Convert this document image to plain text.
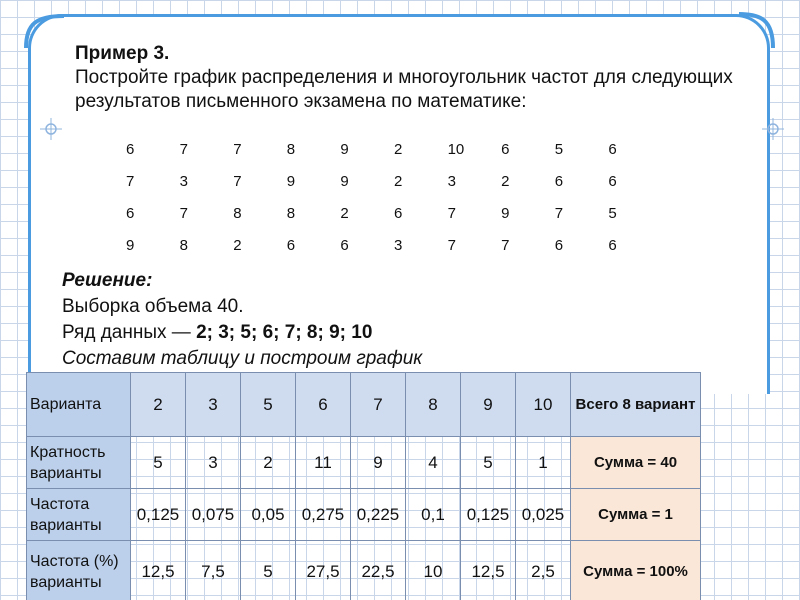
Пример 3.
Постройте график распределения и многоугольник частот для следующих результатов письменного экзамена по математике:
6	7	7	8	9	2	10	6	5	6
7	3	7	9	9	2	3	2	6	6
6	7	8	8	2	6	7	9	7	5
9	8	2	6	6	3	7	7	6	6
Решение:
Выборка объема 40.
Ряд данных — 2; 3; 5; 6; 7; 8; 9; 10
Составим таблицу и построим график
Варианта	2	3	5	6	7	8	9	10	Всего 8 вариант
Кратность варианты	5	3	2	11	9	4	5	1	Сумма = 40
Частота варианты	0,125	0,075	0,05	0,275	0,225	0,1	0,125	0,025	Сумма = 1
Частота (%) варианты	12,5	7,5	5	27,5	22,5	10	12,5	2,5	Сумма = 100%
